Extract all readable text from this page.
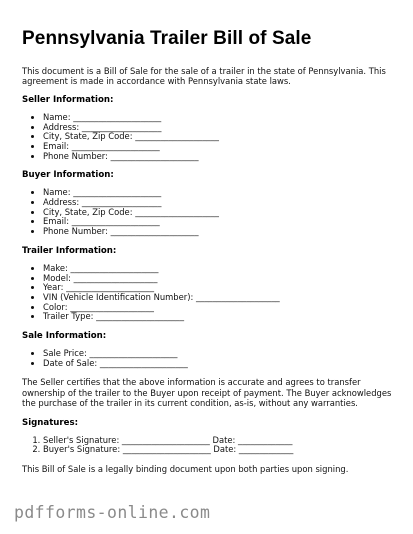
Pennsylvania Trailer Bill of Sale

This document is a Bill of Sale for the sale of a trailer in the state of Pennsylvania. This agreement is made in accordance with Pennsylvania state laws.

Seller Information:
• Name: _____________________
• Address: ___________________
• City, State, Zip Code: ____________________
• Email: _____________________
• Phone Number: _____________________
Buyer Information:
• Name: _____________________
• Address: ___________________
• City, State, Zip Code: ____________________
• Email: _____________________
• Phone Number: _____________________
Trailer Information:
• Make: _____________________
• Model: ____________________
• Year: _____________________
• VIN (Vehicle Identification Number): ____________________
• Color: ____________________
• Trailer Type: _____________________
Sale Information:
• Sale Price: _____________________
• Date of Sale: _____________________

The Seller certifies that the above information is accurate and agrees to transfer ownership of the trailer to the Buyer upon receipt of payment. The Buyer acknowledges the purchase of the trailer in its current condition, as-is, without any warranties.

Signatures:
1. Seller's Signature: _____________________ Date: _____________
2. Buyer's Signature: _____________________ Date: _____________

This Bill of Sale is a legally binding document upon both parties upon signing.

pdfforms-online.com
